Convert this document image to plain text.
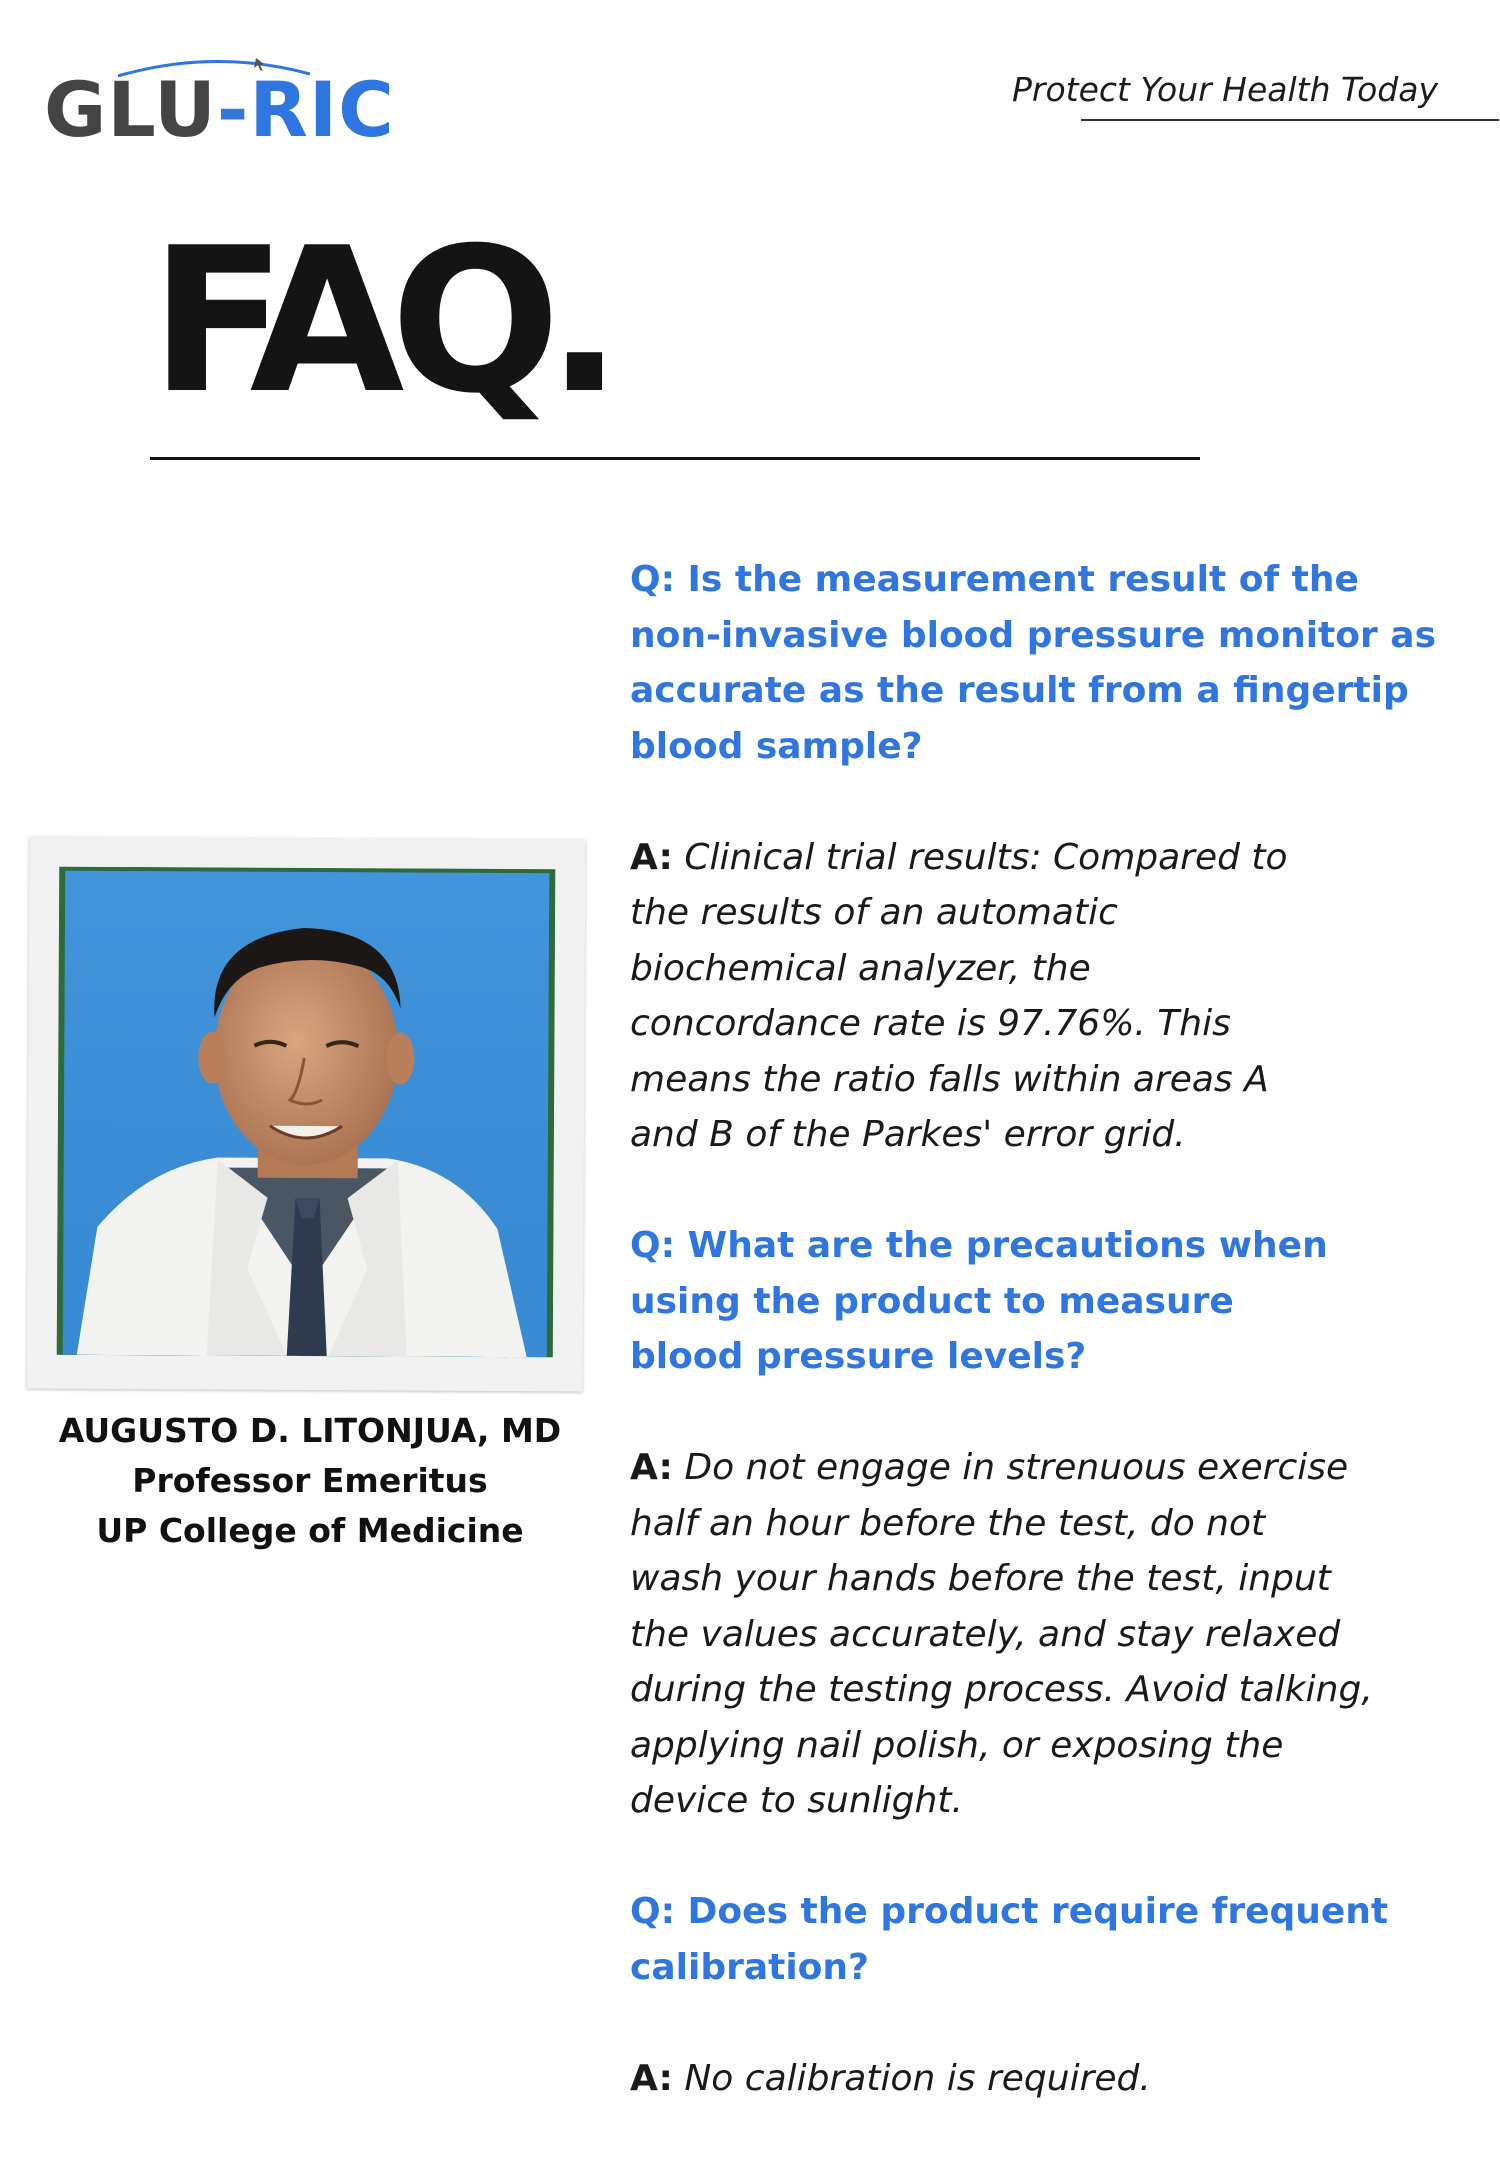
GLU-RIC	Protect Your Health Today
FAQ.
AUGUSTO D. LITONJUA, MD
Professor Emeritus
UP College of Medicine
Q: Is the measurement result of the
non-invasive blood pressure monitor as
accurate as the result from a fingertip
blood sample?
A: Clinical trial results: Compared to
the results of an automatic
biochemical analyzer, the
concordance rate is 97.76%. This
means the ratio falls within areas A
and B of the Parkes' error grid.
Q: What are the precautions when
using the product to measure
blood pressure levels?
A: Do not engage in strenuous exercise
half an hour before the test, do not
wash your hands before the test, input
the values accurately, and stay relaxed
during the testing process. Avoid talking,
applying nail polish, or exposing the
device to sunlight.
Q: Does the product require frequent
calibration?
A: No calibration is required.
